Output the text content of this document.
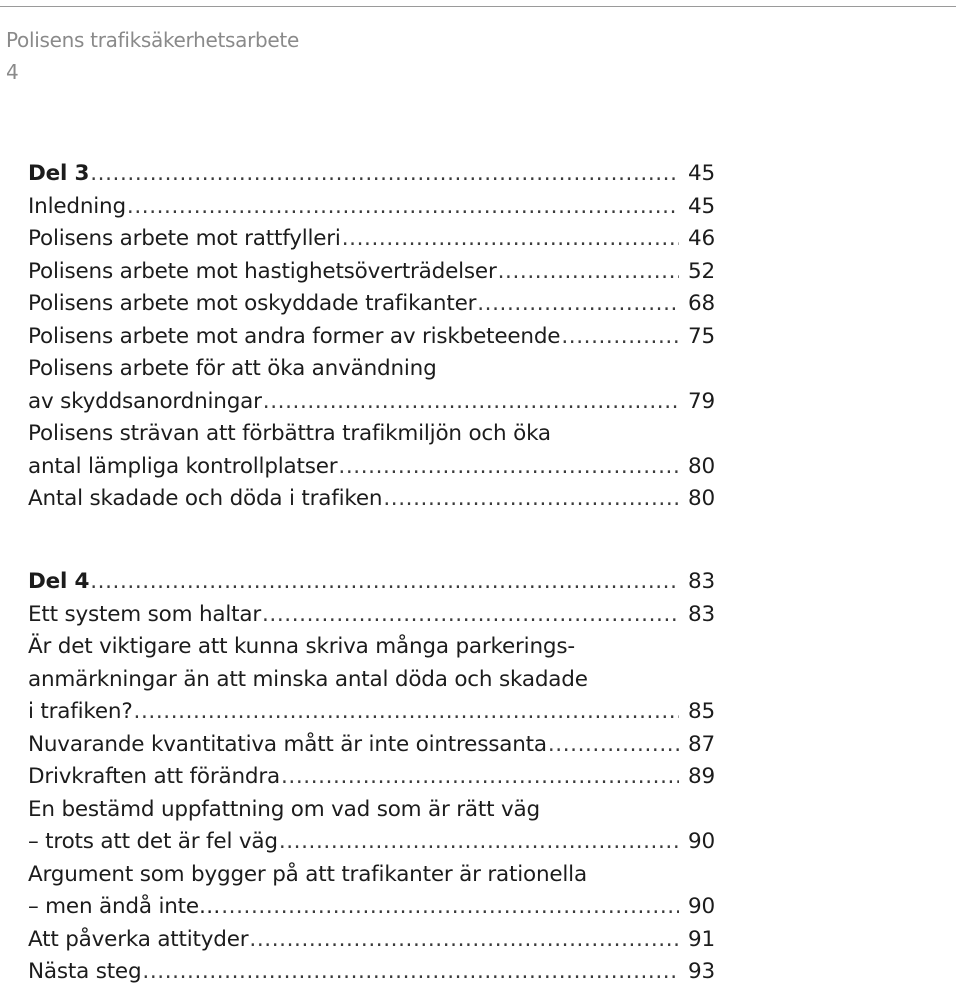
Polisens trafiksäkerhetsarbete
4
Del 3 .....	45
Inledning .....	45
Polisens arbete mot rattfylleri .....	46
Polisens arbete mot hastighetsöverträdelser .....	52
Polisens arbete mot oskyddade trafikanter .....	68
Polisens arbete mot andra former av riskbeteende .....	75
Polisens arbete för att öka användning
av skyddsanordningar .....	79
Polisens strävan att förbättra trafikmiljön och öka
antal lämpliga kontrollplatser .....	80
Antal skadade och döda i trafiken .....	80
Del 4 .....	83
Ett system som haltar .....	83
Är det viktigare att kunna skriva många parkerings-
anmärkningar än att minska antal döda och skadade
i trafiken? .....	85
Nuvarande kvantitativa mått är inte ointressanta .....	87
Drivkraften att förändra .....	89
En bestämd uppfattning om vad som är rätt väg
– trots att det är fel väg .....	90
Argument som bygger på att trafikanter är rationella
– men ändå inte… .....	90
Att påverka attityder .....	91
Nästa steg .....	93
